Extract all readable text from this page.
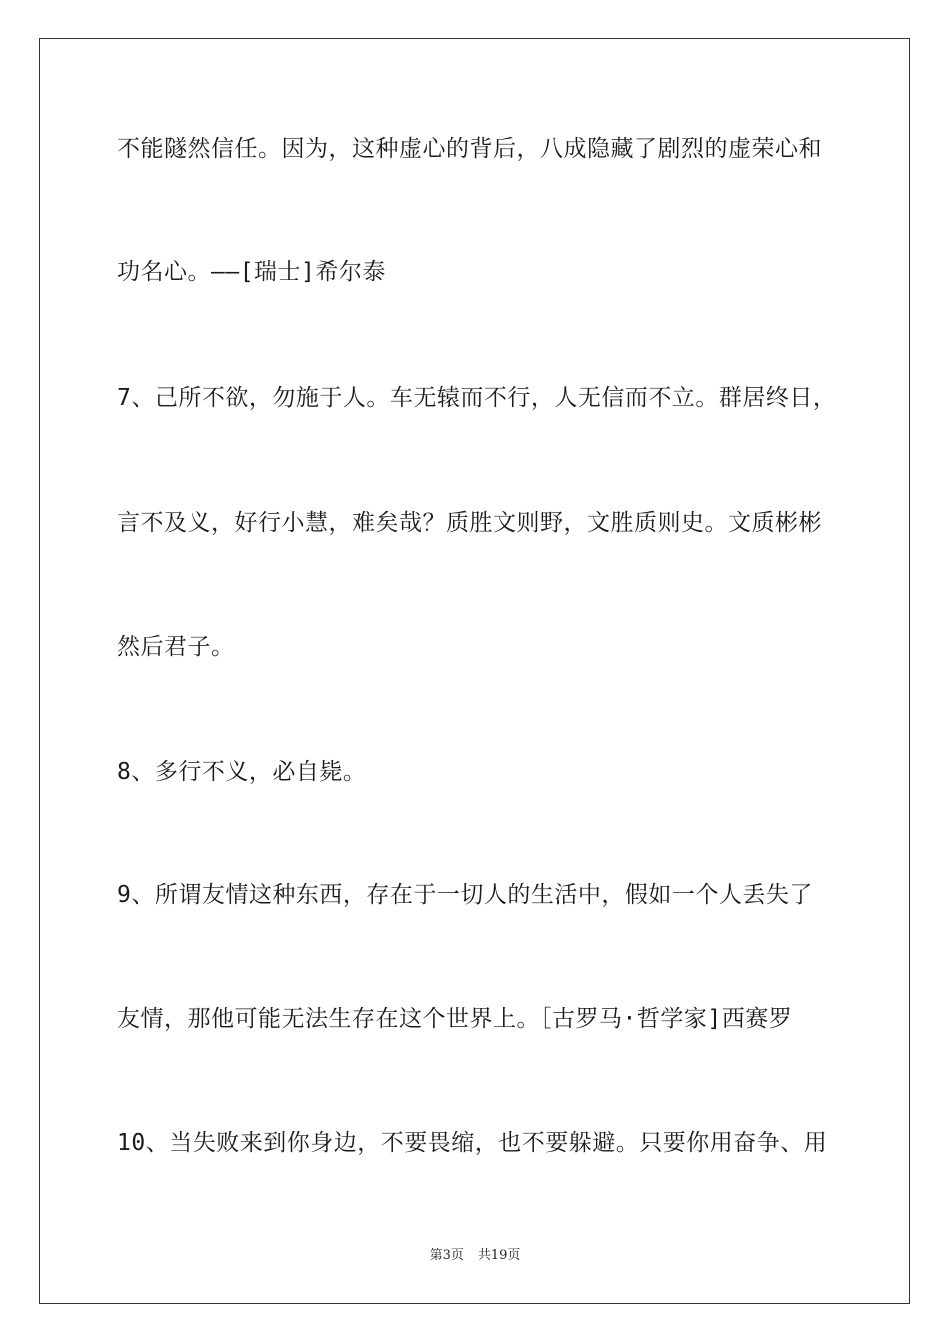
不能隧然信任。因为，这种虚心的背后，八成隐藏了剧烈的虚荣心和
功名心。——[瑞士]希尔泰
7、己所不欲，勿施于人。车无辕而不行，人无信而不立。群居终日，
言不及义，好行小慧，难矣哉？质胜文则野，文胜质则史。文质彬彬
然后君子。
8、多行不义，必自毙。
9、所谓友情这种东西，存在于一切人的生活中，假如一个人丢失了
友情，那他可能无法生存在这个世界上。［古罗马·哲学家]西赛罗
10、当失败来到你身边，不要畏缩，也不要躲避。只要你用奋争、用
第3页 共19页
